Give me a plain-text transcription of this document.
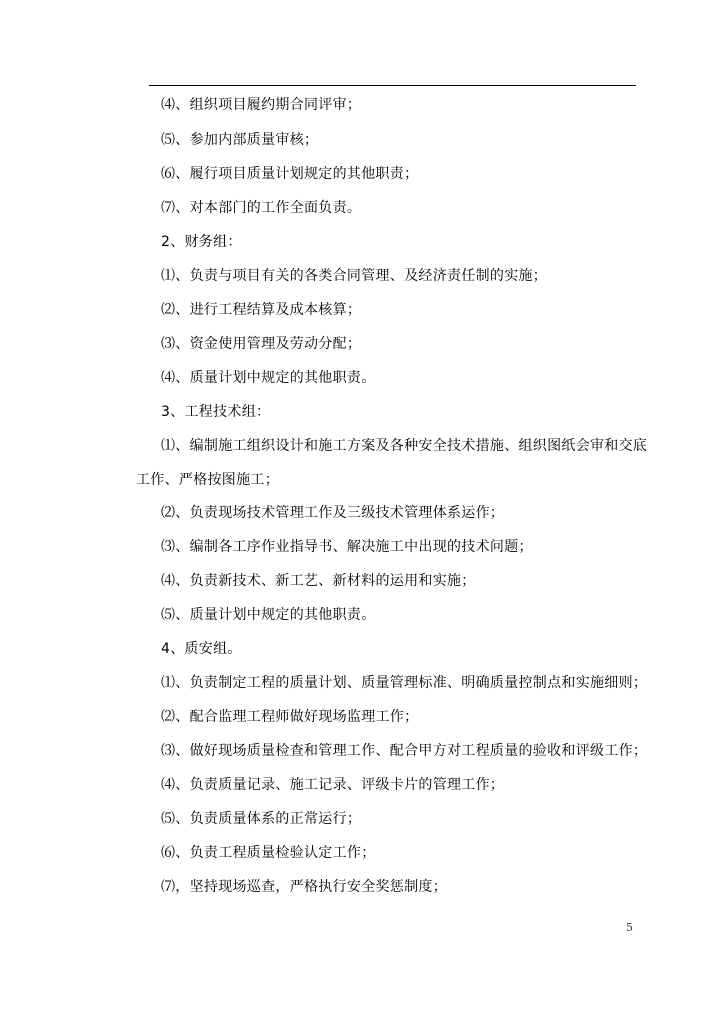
⑷、组织项目履约期合同评审；
⑸、参加内部质量审核；
⑹、履行项目质量计划规定的其他职责；
⑺、对本部门的工作全面负责。
2、财务组：
⑴、负责与项目有关的各类合同管理、及经济责任制的实施；
⑵、进行工程结算及成本核算；
⑶、资金使用管理及劳动分配；
⑷、质量计划中规定的其他职责。
3、工程技术组：
⑴、编制施工组织设计和施工方案及各种安全技术措施、组织图纸会审和交底
工作、严格按图施工；
⑵、负责现场技术管理工作及三级技术管理体系运作；
⑶、编制各工序作业指导书、解决施工中出现的技术问题；
⑷、负责新技术、新工艺、新材料的运用和实施；
⑸、质量计划中规定的其他职责。
4、质安组。
⑴、负责制定工程的质量计划、质量管理标准、明确质量控制点和实施细则；
⑵、配合监理工程师做好现场监理工作；
⑶、做好现场质量检查和管理工作、配合甲方对工程质量的验收和评级工作；
⑷、负责质量记录、施工记录、评级卡片的管理工作；
⑸、负责质量体系的正常运行；
⑹、负责工程质量检验认定工作；
⑺，坚持现场巡查，严格执行安全奖惩制度；
5
